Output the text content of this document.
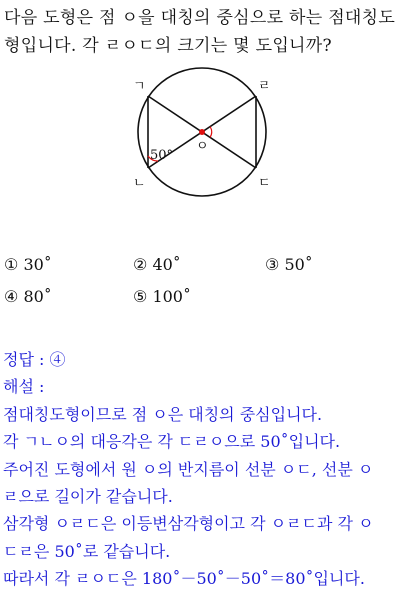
다음 도형은 점 ㅇ을 대칭의 중심으로 하는 점대칭도
형입니다. 각 ㄹㅇㄷ의 크기는 몇 도입니까?
ㄱ	ㄹ
ㄴ	ㄷ
ㅇ
50°
① 30˚	② 40˚	③ 50˚
④ 80˚	⑤ 100˚
정답 : ④
해설 :
점대칭도형이므로 점 ㅇ은 대칭의 중심입니다.
각 ㄱㄴㅇ의 대응각은 각 ㄷㄹㅇ으로 50˚입니다.
주어진 도형에서 원 ㅇ의 반지름이 선분 ㅇㄷ, 선분 ㅇ
ㄹ으로 길이가 같습니다.
삼각형 ㅇㄹㄷ은 이등변삼각형이고 각 ㅇㄹㄷ과 각 ㅇ
ㄷㄹ은 50˚로 같습니다.
따라서 각 ㄹㅇㄷ은 180˚－50˚－50˚＝80˚입니다.
